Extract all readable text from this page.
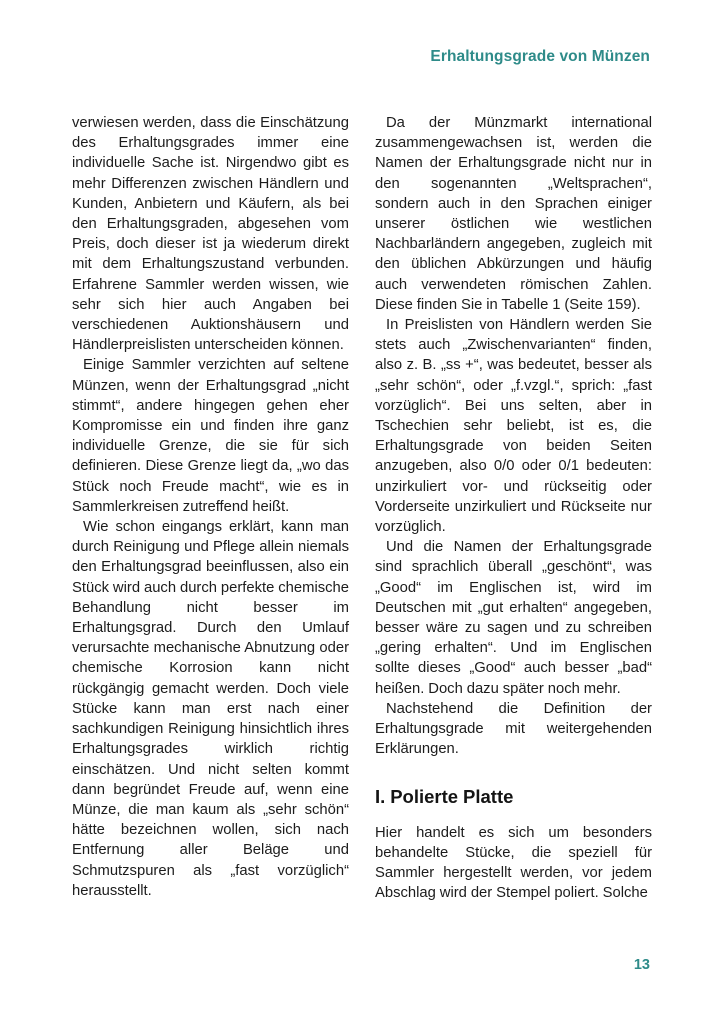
Erhaltungsgrade von Münzen

verwiesen werden, dass die Einschätzung des Erhaltungsgrades immer eine individuelle Sache ist. Nirgendwo gibt es mehr Differenzen zwischen Händlern und Kunden, Anbietern und Käufern, als bei den Erhaltungsgraden, abgesehen vom Preis, doch dieser ist ja wiederum direkt mit dem Erhaltungszustand verbunden. Erfahrene Sammler werden wissen, wie sehr sich hier auch Angaben bei verschiedenen Auktionshäusern und Händlerpreislisten unterscheiden können.

Einige Sammler verzichten auf seltene Münzen, wenn der Erhaltungsgrad „nicht stimmt“, andere hingegen gehen eher Kompromisse ein und finden ihre ganz individuelle Grenze, die sie für sich definieren. Diese Grenze liegt da, „wo das Stück noch Freude macht“, wie es in Sammlerkreisen zutreffend heißt.

Wie schon eingangs erklärt, kann man durch Reinigung und Pflege allein niemals den Erhaltungsgrad beeinflussen, also ein Stück wird auch durch perfekte chemische Behandlung nicht besser im Erhaltungsgrad. Durch den Umlauf verursachte mechanische Abnutzung oder chemische Korrosion kann nicht rückgängig gemacht werden. Doch viele Stücke kann man erst nach einer sachkundigen Reinigung hinsichtlich ihres Erhaltungsgrades wirklich richtig einschätzen. Und nicht selten kommt dann begründet Freude auf, wenn eine Münze, die man kaum als „sehr schön“ hätte bezeichnen wollen, sich nach Entfernung aller Beläge und Schmutzspuren als „fast vorzüglich“ herausstellt.

Da der Münzmarkt international zusammengewachsen ist, werden die Namen der Erhaltungsgrade nicht nur in den sogenannten „Weltsprachen“, sondern auch in den Sprachen einiger unserer östlichen wie westlichen Nachbarländern angegeben, zugleich mit den üblichen Abkürzungen und häufig auch verwendeten römischen Zahlen. Diese finden Sie in Tabelle 1 (Seite 159).

In Preislisten von Händlern werden Sie stets auch „Zwischenvarianten“ finden, also z. B. „ss +“, was bedeutet, besser als „sehr schön“, oder „f.vzgl.“, sprich: „fast vorzüglich“. Bei uns selten, aber in Tschechien sehr beliebt, ist es, die Erhaltungsgrade von beiden Seiten anzugeben, also 0/0 oder 0/1 bedeuten: unzirkuliert vor- und rückseitig oder Vorderseite unzirkuliert und Rückseite nur vorzüglich.

Und die Namen der Erhaltungsgrade sind sprachlich überall „geschönt“, was „Good“ im Englischen ist, wird im Deutschen mit „gut erhalten“ angegeben, besser wäre zu sagen und zu schreiben „gering erhalten“. Und im Englischen sollte dieses „Good“ auch besser „bad“ heißen. Doch dazu später noch mehr.

Nachstehend die Definition der Erhaltungsgrade mit weitergehenden Erklärungen.

I. Polierte Platte

Hier handelt es sich um besonders behandelte Stücke, die speziell für Sammler hergestellt werden, vor jedem Abschlag wird der Stempel poliert. Solche

13
